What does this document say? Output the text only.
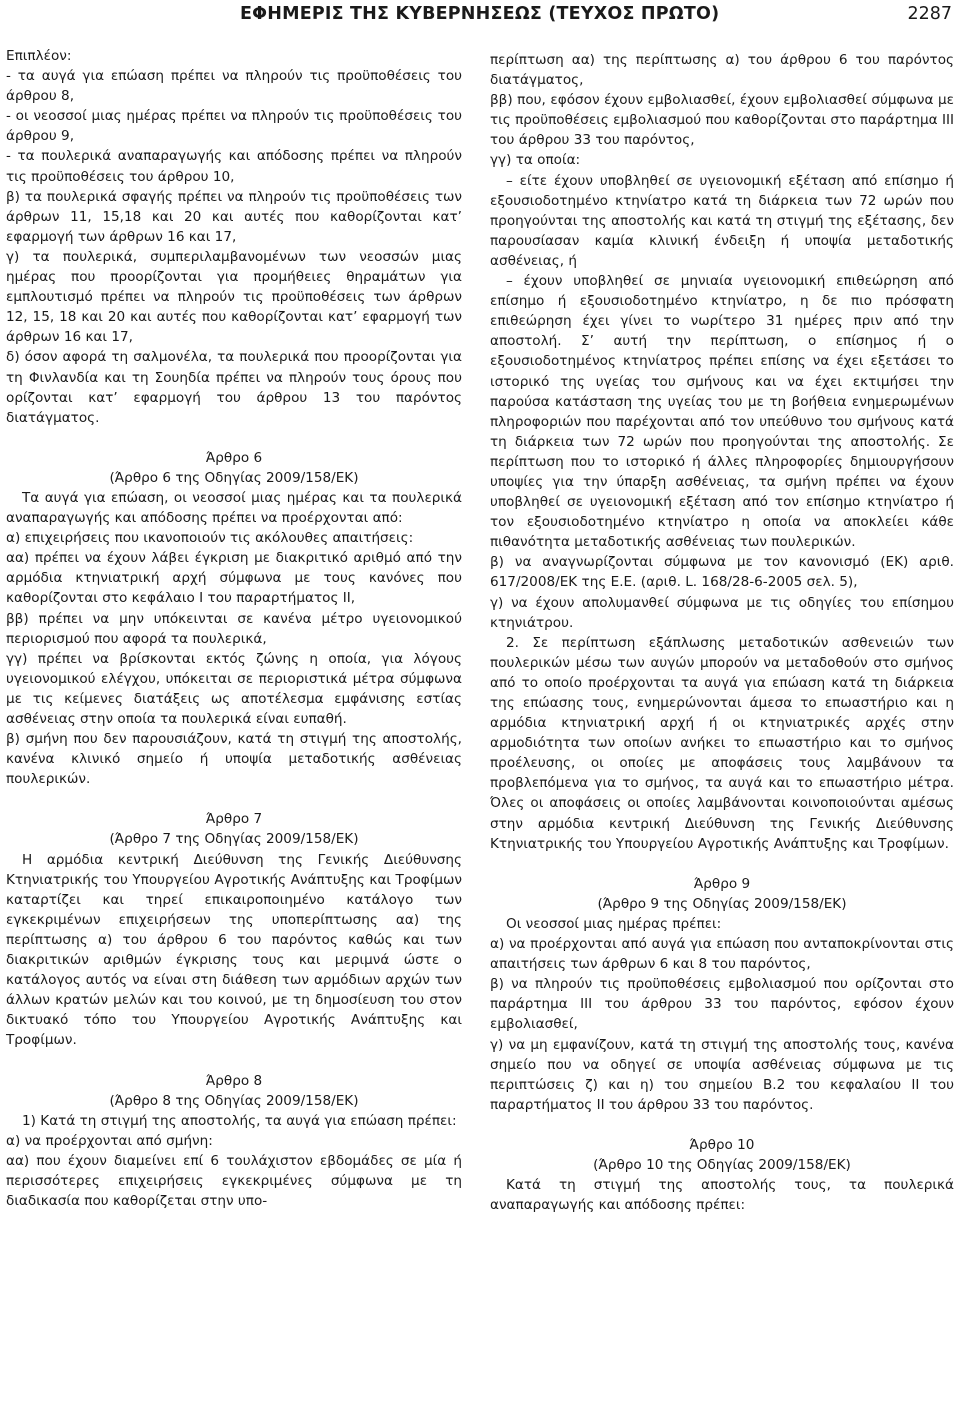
ΕΦΗΜΕΡΙΣ ΤΗΣ ΚΥΒΕΡΝΗΣΕΩΣ (ΤΕΥΧΟΣ ΠΡΩΤΟ)	2287

Επιπλέον:

- τα αυγά για επώαση πρέπει να πληρούν τις προϋποθέσεις του άρθρου 8,

- οι νεοσσοί μιας ημέρας πρέπει να πληρούν τις προϋποθέσεις του άρθρου 9,

- τα πουλερικά αναπαραγωγής και απόδοσης πρέπει να πληρούν τις προϋποθέσεις του άρθρου 10,

β) τα πουλερικά σφαγής πρέπει να πληρούν τις προϋποθέσεις των άρθρων 11, 15,18 και 20 και αυτές που καθορίζονται κατ’ εφαρμογή των άρθρων 16 και 17,

γ) τα πουλερικά, συμπεριλαμβανομένων των νεοσσών μιας ημέρας που προορίζονται για προμήθειες θηραμάτων για εμπλουτισμό πρέπει να πληρούν τις προϋποθέσεις των άρθρων 12, 15, 18 και 20 και αυτές που καθορίζονται κατ’ εφαρμογή των άρθρων 16 και 17,

δ) όσον αφορά τη σαλμονέλα, τα πουλερικά που προορίζονται για τη Φινλανδία και τη Σουηδία πρέπει να πληρούν τους όρους που ορίζονται κατ’ εφαρμογή του άρθρου 13 του παρόντος διατάγματος.

Άρθρο 6

(Άρθρο 6 της Οδηγίας 2009/158/ΕΚ)

Τα αυγά για επώαση, οι νεοσσοί μιας ημέρας και τα πουλερικά αναπαραγωγής και απόδοσης πρέπει να προέρχονται από:

α) επιχειρήσεις που ικανοποιούν τις ακόλουθες απαιτήσεις:

αα) πρέπει να έχουν λάβει έγκριση με διακριτικό αριθμό από την αρμόδια κτηνιατρική αρχή σύμφωνα με τους κανόνες που καθορίζονται στο κεφάλαιο Ι του παραρτήματος ΙΙ,

ββ) πρέπει να μην υπόκεινται σε κανένα μέτρο υγειονομικού περιορισμού που αφορά τα πουλερικά,

γγ) πρέπει να βρίσκονται εκτός ζώνης η οποία, για λόγους υγειονομικού ελέγχου, υπόκειται σε περιοριστικά μέτρα σύμφωνα με τις κείμενες διατάξεις ως αποτέλεσμα εμφάνισης εστίας ασθένειας στην οποία τα πουλερικά είναι ευπαθή.

β) σμήνη που δεν παρουσιάζουν, κατά τη στιγμή της αποστολής, κανένα κλινικό σημείο ή υποψία μεταδοτικής ασθένειας πουλερικών.

Άρθρο 7

(Άρθρο 7 της Οδηγίας 2009/158/ΕΚ)

Η αρμόδια κεντρική Διεύθυνση της Γενικής Διεύθυνσης Κτηνιατρικής του Υπουργείου Αγροτικής Ανάπτυξης και Τροφίμων καταρτίζει και τηρεί επικαιροποιημένο κατάλογο των εγκεκριμένων επιχειρήσεων της υποπερίπτωσης αα) της περίπτωσης α) του άρθρου 6 του παρόντος καθώς και των διακριτικών αριθμών έγκρισης τους και μεριμνά ώστε ο κατάλογος αυτός να είναι στη διάθεση των αρμόδιων αρχών των άλλων κρατών μελών και του κοινού, με τη δημοσίευση του στον δικτυακό τόπο του Υπουργείου Αγροτικής Ανάπτυξης και Τροφίμων.

Άρθρο 8

(Άρθρο 8 της Οδηγίας 2009/158/ΕΚ)

1) Κατά τη στιγμή της αποστολής, τα αυγά για επώαση πρέπει:

α) να προέρχονται από σμήνη:

αα) που έχουν διαμείνει επί 6 τουλάχιστον εβδομάδες σε μία ή περισσότερες επιχειρήσεις εγκεκριμένες σύμφωνα με τη διαδικασία που καθορίζεται στην υπο-

περίπτωση αα) της περίπτωσης α) του άρθρου 6 του παρόντος διατάγματος,

ββ) που, εφόσον έχουν εμβολιασθεί, έχουν εμβολιασθεί σύμφωνα με τις προϋποθέσεις εμβολιασμού που καθορίζονται στο παράρτημα ΙΙΙ του άρθρου 33 του παρόντος,

γγ) τα οποία:

– είτε έχουν υποβληθεί σε υγειονομική εξέταση από επίσημο ή εξουσιοδοτημένο κτηνίατρο κατά τη διάρκεια των 72 ωρών που προηγούνται της αποστολής και κατά τη στιγμή της εξέτασης, δεν παρουσίασαν καμία κλινική ένδειξη ή υποψία μεταδοτικής ασθένειας, ή

– έχουν υποβληθεί σε μηνιαία υγειονομική επιθεώρηση από επίσημο ή εξουσιοδοτημένο κτηνίατρο, η δε πιο πρόσφατη επιθεώρηση έχει γίνει το νωρίτερο 31 ημέρες πριν από την αποστολή. Σ’ αυτή την περίπτωση, ο επίσημος ή ο εξουσιοδοτημένος κτηνίατρος πρέπει επίσης να έχει εξετάσει το ιστορικό της υγείας του σμήνους και να έχει εκτιμήσει την παρούσα κατάσταση της υγείας του με τη βοήθεια ενημερωμένων πληροφοριών που παρέχονται από τον υπεύθυνο του σμήνους κατά τη διάρκεια των 72 ωρών που προηγούνται της αποστολής. Σε περίπτωση που το ιστορικό ή άλλες πληροφορίες δημιουργήσουν υποψίες για την ύπαρξη ασθένειας, τα σμήνη πρέπει να έχουν υποβληθεί σε υγειονομική εξέταση από τον επίσημο κτηνίατρο ή τον εξουσιοδοτημένο κτηνίατρο η οποία να αποκλείει κάθε πιθανότητα μεταδοτικής ασθένειας των πουλερικών.

β) να αναγνωρίζονται σύμφωνα με τον κανονισμό (ΕΚ) αριθ. 617/2008/ΕΚ της Ε.Ε. (αριθ. L. 168/28-6-2005 σελ. 5),

γ) να έχουν απολυμανθεί σύμφωνα με τις οδηγίες του επίσημου κτηνιάτρου.

2. Σε περίπτωση εξάπλωσης μεταδοτικών ασθενειών των πουλερικών μέσω των αυγών μπορούν να μεταδοθούν στο σμήνος από το οποίο προέρχονται τα αυγά για επώαση κατά τη διάρκεια της επώασης τους, ενημερώνονται άμεσα το επωαστήριο και η αρμόδια κτηνιατρική αρχή ή οι κτηνιατρικές αρχές στην αρμοδιότητα των οποίων ανήκει το επωαστήριο και το σμήνος προέλευσης, οι οποίες με αποφάσεις τους λαμβάνουν τα προβλεπόμενα για το σμήνος, τα αυγά και το επωαστήριο μέτρα. Όλες οι αποφάσεις οι οποίες λαμβάνονται κοινοποιούνται αμέσως στην αρμόδια κεντρική Διεύθυνση της Γενικής Διεύθυνσης Κτηνιατρικής του Υπουργείου Αγροτικής Ανάπτυξης και Τροφίμων.

Άρθρο 9

(Άρθρο 9 της Οδηγίας 2009/158/ΕΚ)

Οι νεοσσοί μιας ημέρας πρέπει:

α) να προέρχονται από αυγά για επώαση που ανταποκρίνονται στις απαιτήσεις των άρθρων 6 και 8 του παρόντος,

β) να πληρούν τις προϋποθέσεις εμβολιασμού που ορίζονται στο παράρτημα ΙΙΙ του άρθρου 33 του παρόντος, εφόσον έχουν εμβολιασθεί,

γ) να μη εμφανίζουν, κατά τη στιγμή της αποστολής τους, κανένα σημείο που να οδηγεί σε υποψία ασθένειας σύμφωνα με τις περιπτώσεις ζ) και η) του σημείου Β.2 του κεφαλαίου ΙΙ του παραρτήματος ΙΙ του άρθρου 33 του παρόντος.

Άρθρο 10

(Άρθρο 10 της Οδηγίας 2009/158/ΕΚ)

Κατά τη στιγμή της αποστολής τους, τα πουλερικά αναπαραγωγής και απόδοσης πρέπει:
